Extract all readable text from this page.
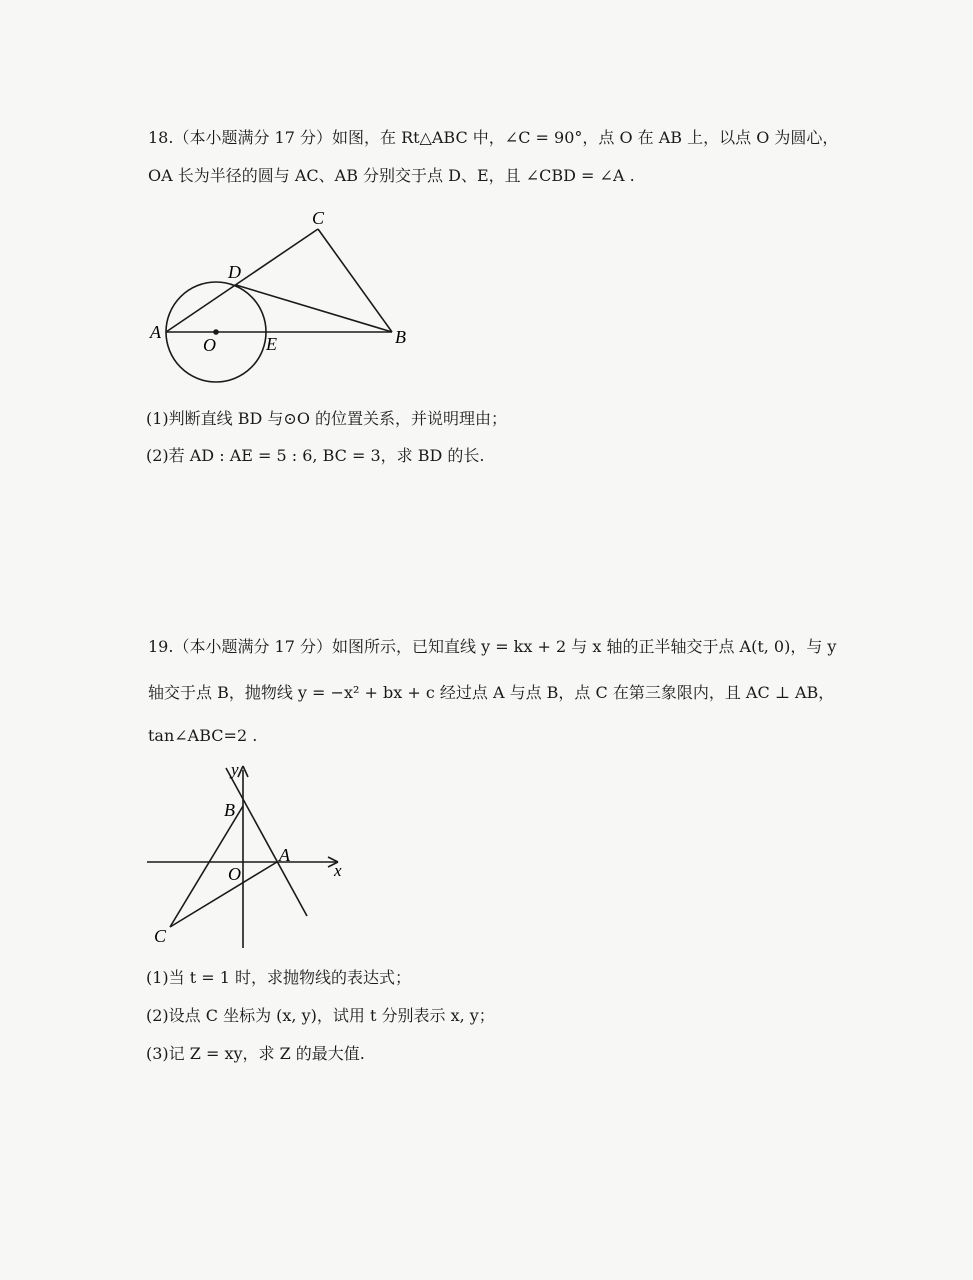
18.（本小题满分 17 分）如图，在 Rt△ABC 中，∠C = 90°，点 O 在 AB 上，以点 O 为圆心，
OA 长为半径的圆与 AC、AB 分别交于点 D、E，且 ∠CBD = ∠A .
C
D
A
O	E	B
y
B
A
O	x
C
(1)判断直线 BD 与⊙O 的位置关系，并说明理由；
(2)若 AD : AE = 5 : 6, BC = 3，求 BD 的长.
19.（本小题满分 17 分）如图所示，已知直线 y = kx + 2 与 x 轴的正半轴交于点 A(t, 0)，与 y
轴交于点 B，抛物线 y = −x² + bx + c 经过点 A 与点 B，点 C 在第三象限内，且 AC ⊥ AB，
tan∠ABC=2 .
(1)当 t = 1 时，求抛物线的表达式；
(2)设点 C 坐标为 (x, y)，试用 t 分别表示 x, y；
(3)记 Z = xy，求 Z 的最大值.
